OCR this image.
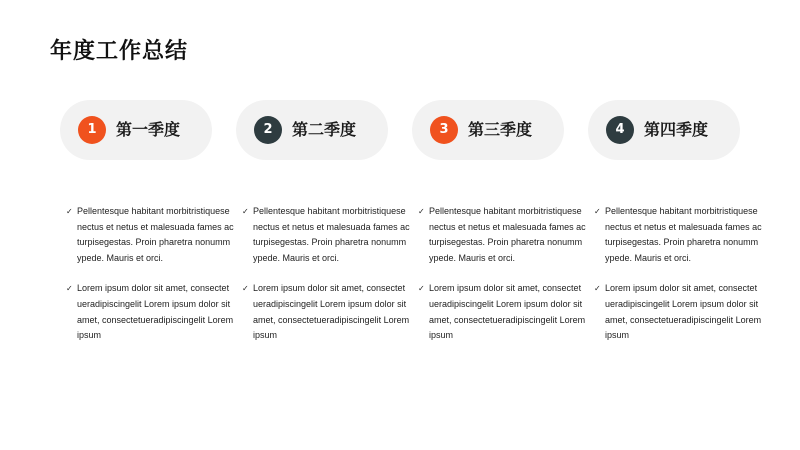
年度工作总结
1	第一季度
✓ Pellentesque habitant morbitristiquesenectus et netus et malesuada fames ac turpisegestas. Proin pharetra nonummypede. Mauris et orci.
✓ Lorem ipsum dolor sit amet, consectetueradipiscingelit Lorem ipsum dolor sit amet, consectetueradipiscingelit Lorem ipsum
2	第二季度
✓ Pellentesque habitant morbitristiquesenectus et netus et malesuada fames ac turpisegestas. Proin pharetra nonummypede. Mauris et orci.
✓ Lorem ipsum dolor sit amet, consectetueradipiscingelit Lorem ipsum dolor sit amet, consectetueradipiscingelit Lorem ipsum
3	第三季度
✓ Pellentesque habitant morbitristiquesenectus et netus et malesuada fames ac turpisegestas. Proin pharetra nonummypede. Mauris et orci.
✓ Lorem ipsum dolor sit amet, consectetueradipiscingelit Lorem ipsum dolor sit amet, consectetueradipiscingelit Lorem ipsum
4	第四季度
✓ Pellentesque habitant morbitristiquesenectus et netus et malesuada fames ac turpisegestas. Proin pharetra nonummypede. Mauris et orci.
✓ Lorem ipsum dolor sit amet, consectetueradipiscingelit Lorem ipsum dolor sit amet, consectetueradipiscingelit Lorem ipsum
